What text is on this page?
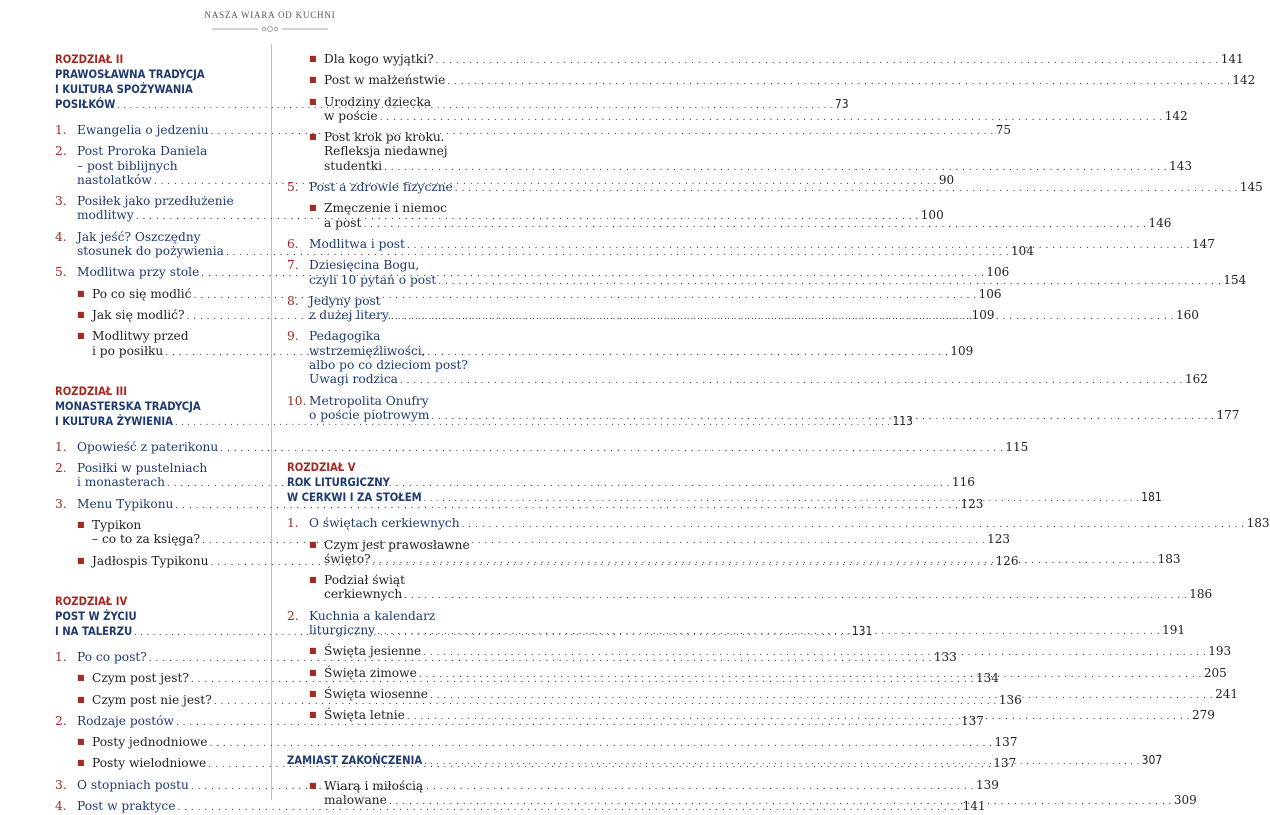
NASZA WIARA OD KUCHNI
ROZDZIAŁ II
PRAWOSŁAWNA TRADYCJA
I KULTURA SPOŻYWANIA
POSIŁKÓW . . .	73
1. Ewangelia o jedzeniu . . .	75
2. Post Proroka Daniela
– post biblijnych
nastolatków . . .	90
3. Posiłek jako przedłużenie
modlitwy . . .	100
4. Jak jeść? Oszczędny
stosunek do pożywienia . . .	104
5. Modlitwa przy stole . . .	106
■ Po co się modlić . . .	106
■ Jak się modlić? . . .	109
■ Modlitwy przed
i po posiłku . . .	109
ROZDZIAŁ III
MONASTERSKA TRADYCJA
I KULTURA ŻYWIENIA . . .	113
1. Opowieść z paterikonu . . .	115
2. Posiłki w pustelniach
i monasterach . . .	116
3. Menu Typikonu . . .	123
■ Typikon
– co to za księga? . . .	123
■ Jadłospis Typikonu . . .	126
ROZDZIAŁ IV
POST W ŻYCIU
I NA TALERZU . . .	131
1. Po co post? . . .	133
■ Czym post jest? . . .	134
■ Czym post nie jest? . . .	136
2. Rodzaje postów . . .	137
■ Posty jednodniowe . . .	137
■ Posty wielodniowe . . .	137
3. O stopniach postu . . .	139
4. Post w praktyce . . .	141
■ Dla kogo wyjątki? . . .	141
■ Post w małżeństwie . . .	142
■ Urodziny dziecka
w poście . . .	142
■ Post krok po kroku.
Refleksja niedawnej
studentki . . .	143
5. Post a zdrowie fizyczne . . .	145
■ Zmęczenie i niemoc
a post . . .	146
6. Modlitwa i post . . .	147
7. Dziesięcina Bogu,
czyli 10 pytań o post . . .	154
8. Jedyny post
z dużej litery . . .	160
9. Pedagogika
wstrzemięźliwości,
albo po co dzieciom post?
Uwagi rodzica . . .	162
10. Metropolita Onufry
o poście piotrowym . . .	177
ROZDZIAŁ V
ROK LITURGICZNY
W CERKWI I ZA STOŁEM . . .	181
1. O świętach cerkiewnych . . .	183
■ Czym jest prawosławne
święto? . . .	183
■ Podział świąt
cerkiewnych . . .	186
2. Kuchnia a kalendarz
liturgiczny . . .	191
■ Święta jesienne . . .	193
■ Święta zimowe . . .	205
■ Święta wiosenne . . .	241
■ Święta letnie . . .	279
ZAMIAST ZAKOŃCZENIA . . .	307
■ Wiarą i miłością
malowane . . .	309
